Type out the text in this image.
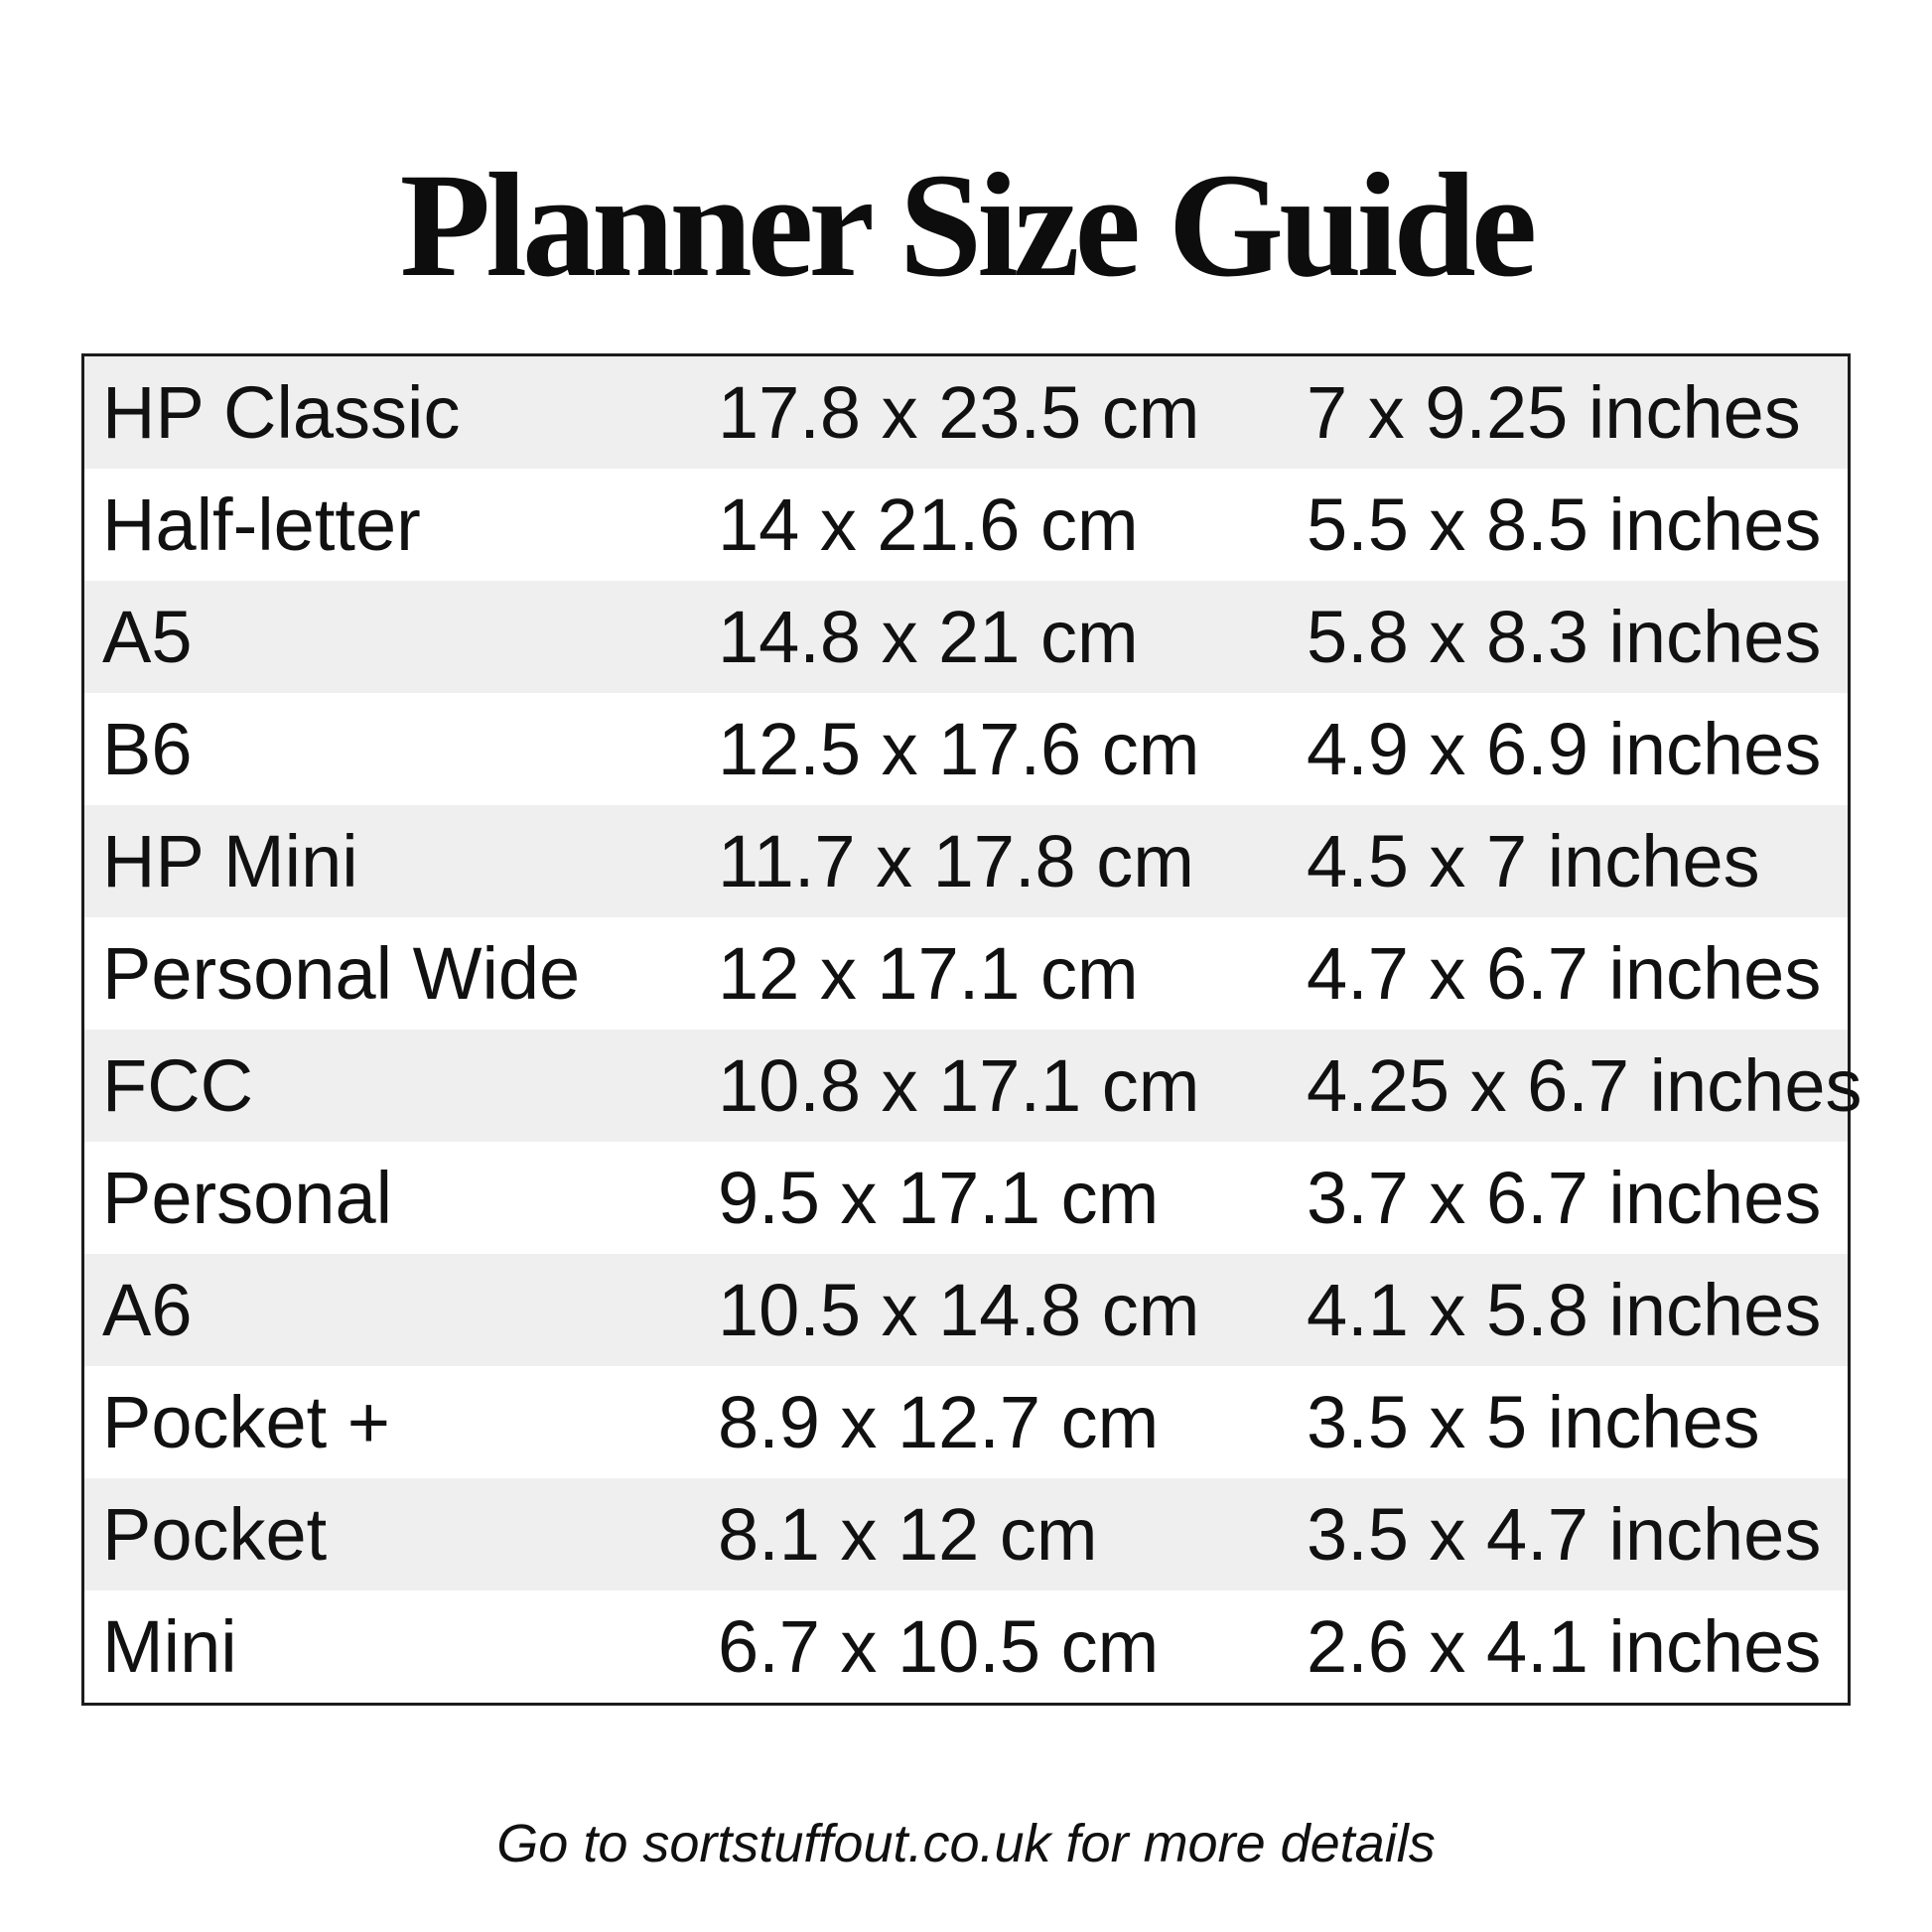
Planner Size Guide
HP Classic	17.8 x 23.5 cm	7 x 9.25 inches
Half-letter	14 x 21.6 cm	5.5 x 8.5 inches
A5	14.8 x 21 cm	5.8 x 8.3 inches
B6	12.5 x 17.6 cm	4.9 x 6.9 inches
HP Mini	11.7 x 17.8 cm	4.5 x 7 inches
Personal Wide	12 x 17.1 cm	4.7 x 6.7 inches
FCC	10.8 x 17.1 cm	4.25 x 6.7 inches
Personal	9.5 x 17.1 cm	3.7 x 6.7 inches
A6	10.5 x 14.8 cm	4.1 x 5.8 inches
Pocket +	8.9 x 12.7 cm	3.5 x 5 inches
Pocket	8.1 x 12 cm	3.5 x 4.7 inches
Mini	6.7 x 10.5 cm	2.6 x 4.1 inches
Go to sortstuffout.co.uk for more details
